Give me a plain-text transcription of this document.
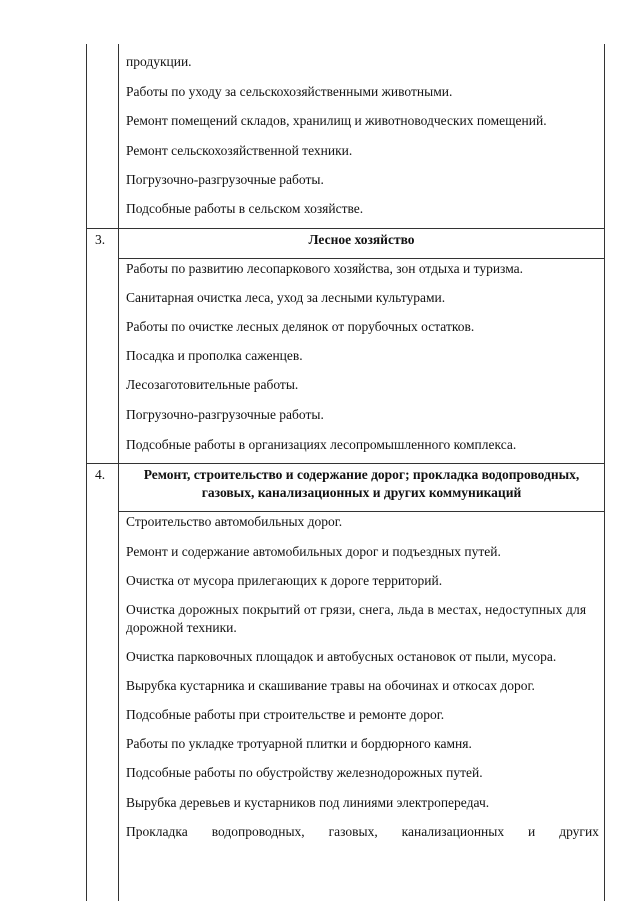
продукции.
Работы по уходу за сельскохозяйственными животными.
Ремонт помещений складов, хранилищ и животноводческих помещений.
Ремонт сельскохозяйственной техники.
Погрузочно-разгрузочные работы.
Подсобные работы в сельском хозяйстве.
3.	Лесное хозяйство
Работы по развитию лесопаркового хозяйства, зон отдыха и туризма.
Санитарная очистка леса, уход за лесными культурами.
Работы по очистке лесных делянок от порубочных остатков.
Посадка и прополка саженцев.
Лесозаготовительные работы.
Погрузочно-разгрузочные работы.
Подсобные работы в организациях лесопромышленного комплекса.
4.	Ремонт, строительство и содержание дорог; прокладка водопроводных,
газовых, канализационных и других коммуникаций
Строительство автомобильных дорог.
Ремонт и содержание автомобильных дорог и подъездных путей.
Очистка от мусора прилегающих к дороге территорий.
Очистка дорожных покрытий от грязи, снега, льда в местах, недоступных для
дорожной техники.
Очистка парковочных площадок и автобусных остановок от пыли, мусора.
Вырубка кустарника и скашивание травы на обочинах и откосах дорог.
Подсобные работы при строительстве и ремонте дорог.
Работы по укладке тротуарной плитки и бордюрного камня.
Подсобные работы по обустройству железнодорожных путей.
Вырубка деревьев и кустарников под линиями электропередач.
Прокладка водопроводных, газовых, канализационных и других
